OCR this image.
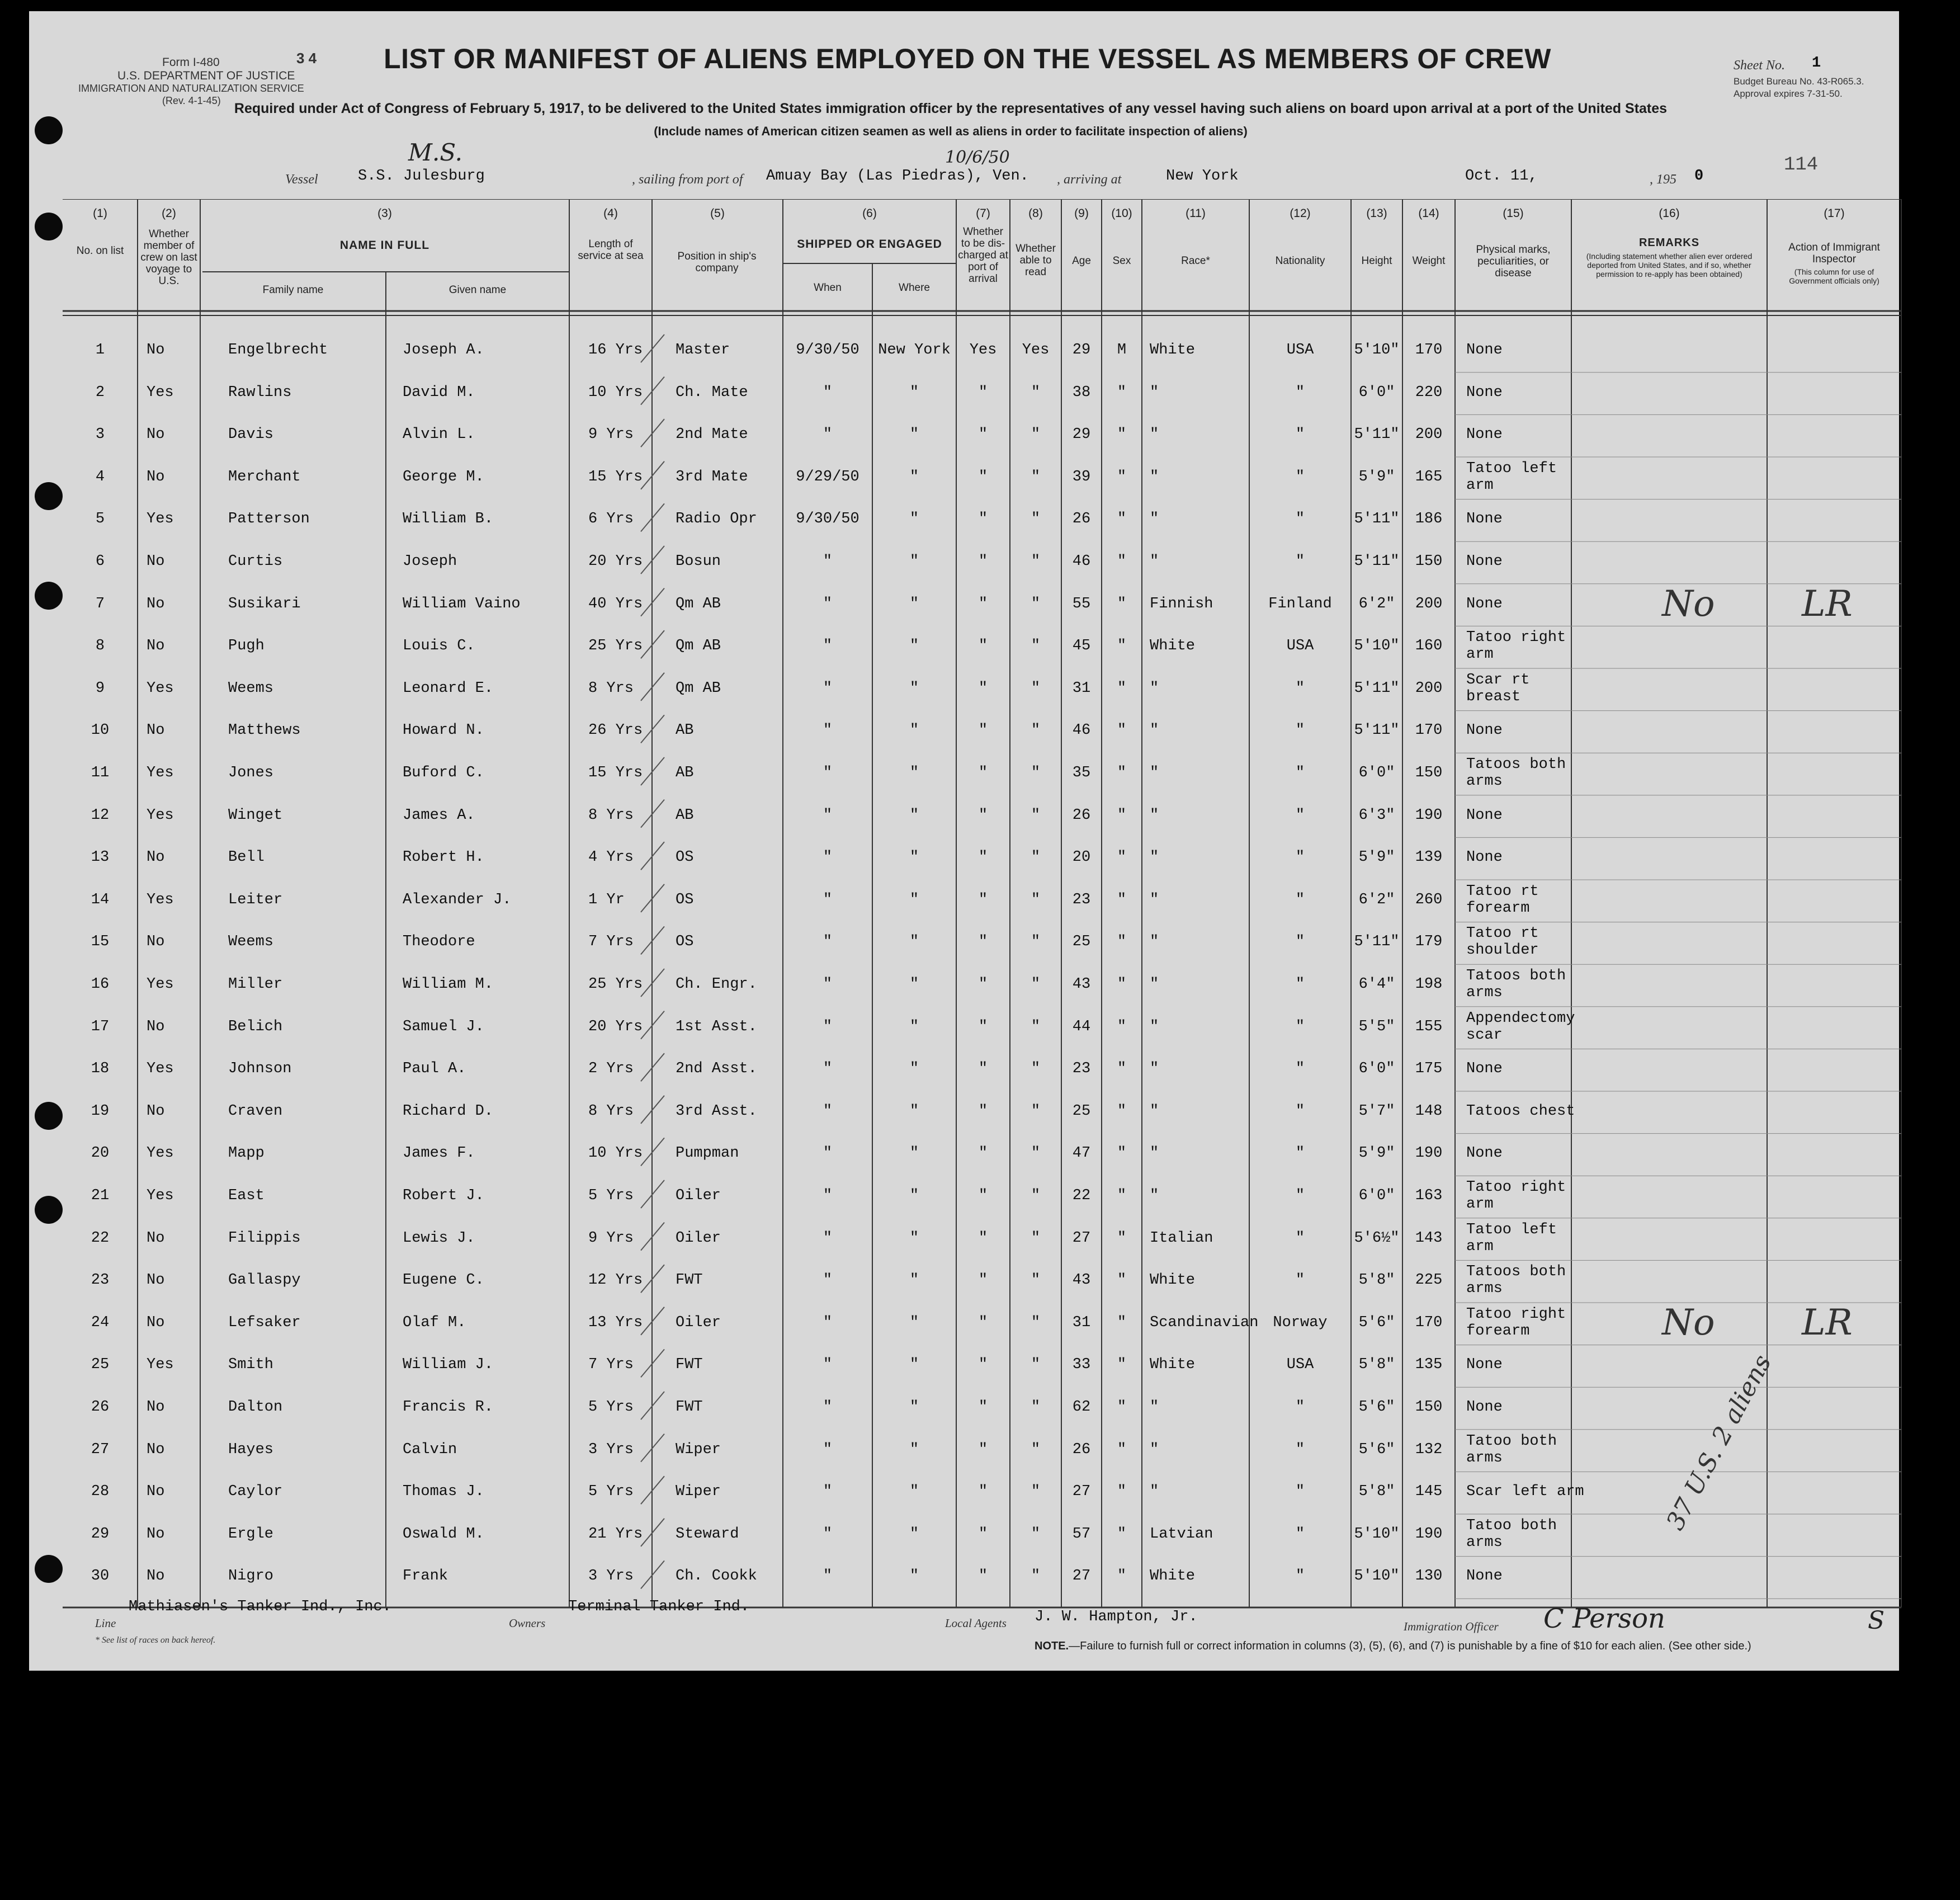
Form I-480	3 4
U.S. DEPARTMENT OF JUSTICE
IMMIGRATION AND NATURALIZATION SERVICE
(Rev. 4-1-45)
LIST OR MANIFEST OF ALIENS EMPLOYED ON THE VESSEL AS MEMBERS OF CREW	Sheet No. 1
Budget Bureau No. 43-R065.3.
Approval expires 7-31-50.
Required under Act of Congress of February 5, 1917, to be delivered to the United States immigration officer by the representatives of any vessel having such aliens on board upon arrival at a port of the United States
(Include names of American citizen seamen as well as aliens in order to facilitate inspection of aliens)
Vessel
M.S.
S.S. Julesburg	, sailing from port of
10/6/50
Amuay Bay (Las Piedras), Ven. , arriving at	New York	Oct. 11,	, 195 0
114
(1)	(2)	(3)	(4)	(5)	(6)	(7)	(8)	(9)	(10)	(11)	(12)	(13)	(14)	(15)	(16)	(17)
No. on list
Whether member of crew on last voyage to U.S.
NAME IN FULL
Family name	Given name
Length of service at sea	Position in ship's company
SHIPPED OR ENGAGED
When	Where
Whether to be dis-charged at port of arrival
Whether able to read
Age	Sex	Race*	Nationality	Height	Weight
Physical marks, peculiarities, or disease
REMARKS
(Including statement whether alien ever ordered deported from United States, and if so, whether permission to re-apply has been obtained)
Action of Immigrant Inspector
(This column for use of Government officials only)
1	No	Engelbrecht	Joseph A.	16 Yrs	Master	9/30/50	New York	Yes	Yes	29	M	White	USA	5'10"	170	None
2	Yes	Rawlins	David M.	10 Yrs	Ch. Mate	"	"	"	"	38	"	"	"	6'0"	220	None
3	No	Davis	Alvin L.	9 Yrs	2nd Mate	"	"	"	"	29	"	"	"	5'11"	200	None
4	No	Merchant	George M.	15 Yrs	3rd Mate	9/29/50	"	"	"	39	"	"	"	5'9"	165	Tatoo left arm
5	Yes	Patterson	William B.	6 Yrs	Radio Opr	9/30/50	"	"	"	26	"	"	"	5'11"	186	None
6	No	Curtis	Joseph	20 Yrs	Bosun	"	"	"	"	46	"	"	"	5'11"	150	None
7	No	Susikari	William Vaino	40 Yrs	Qm AB	"	"	"	"	55	"	Finnish	Finland	6'2"	200	None	No	LR
8	No	Pugh	Louis C.	25 Yrs	Qm AB	"	"	"	"	45	"	White	USA	5'10"	160	Tatoo right arm
9	Yes	Weems	Leonard E.	8 Yrs	Qm AB	"	"	"	"	31	"	"	"	5'11"	200	Scar rt breast
10	No	Matthews	Howard N.	26 Yrs	AB	"	"	"	"	46	"	"	"	5'11"	170	None
11	Yes	Jones	Buford C.	15 Yrs	AB	"	"	"	"	35	"	"	"	6'0"	150	Tatoos both arms
12	Yes	Winget	James A.	8 Yrs	AB	"	"	"	"	26	"	"	"	6'3"	190	None
13	No	Bell	Robert H.	4 Yrs	OS	"	"	"	"	20	"	"	"	5'9"	139	None
14	Yes	Leiter	Alexander J.	1 Yr	OS	"	"	"	"	23	"	"	"	6'2"	260	Tatoo rt forearm
15	No	Weems	Theodore	7 Yrs	OS	"	"	"	"	25	"	"	"	5'11"	179	Tatoo rt shoulder
16	Yes	Miller	William M.	25 Yrs	Ch. Engr.	"	"	"	"	43	"	"	"	6'4"	198	Tatoos both arms
17	No	Belich	Samuel J.	20 Yrs	1st Asst.	"	"	"	"	44	"	"	"	5'5"	155	Appendectomy scar
18	Yes	Johnson	Paul A.	2 Yrs	2nd Asst.	"	"	"	"	23	"	"	"	6'0"	175	None
19	No	Craven	Richard D.	8 Yrs	3rd Asst.	"	"	"	"	25	"	"	"	5'7"	148	Tatoos chest
20	Yes	Mapp	James F.	10 Yrs	Pumpman	"	"	"	"	47	"	"	"	5'9"	190	None
21	Yes	East	Robert J.	5 Yrs	Oiler	"	"	"	"	22	"	"	"	6'0"	163	Tatoo right arm
22	No	Filippis	Lewis J.	9 Yrs	Oiler	"	"	"	"	27	"	Italian	"	5'6½"	143	Tatoo left arm
23	No	Gallaspy	Eugene C.	12 Yrs	FWT	"	"	"	"	43	"	White	"	5'8"	225	Tatoos both arms
24	No	Lefsaker	Olaf M.	13 Yrs	Oiler	"	"	"	"	31	"	Scandinavian Norway	5'6"	170	Tatoo right forearm	No	LR
25	Yes	Smith	William J.	7 Yrs	FWT	"	"	"	"	33	"	White	USA	5'8"	135	None
26	No	Dalton	Francis R.	5 Yrs	FWT	"	"	"	"	62	"	"	"	5'6"	150	None
27	No	Hayes	Calvin	3 Yrs	Wiper	"	"	"	"	26	"	"	"	5'6"	132	Tatoo both arms
28	No	Caylor	Thomas J.	5 Yrs	Wiper	"	"	"	"	27	"	"	"	5'8"	145	Scar left arm
29	No	Ergle	Oswald M.	21 Yrs	Steward	"	"	"	"	57	"	Latvian	"	5'10"	190	Tatoo both arms
30	No	Nigro	Frank	3 Yrs	Ch. Cookk	"	"	"	"	27	"	White	"	5'10"	130	None
37 U.S. 2 aliens
Line
Mathiasen's Tanker Ind., Inc.
Owners
Terminal Tanker Ind.
Local Agents J. W. Hampton, Jr.
Immigration Officer C Person	S
* See list of races on back hereof.	NOTE.—Failure to furnish full or correct information in columns (3), (5), (6), and (7) is punishable by a fine of $10 for each alien. (See other side.)
